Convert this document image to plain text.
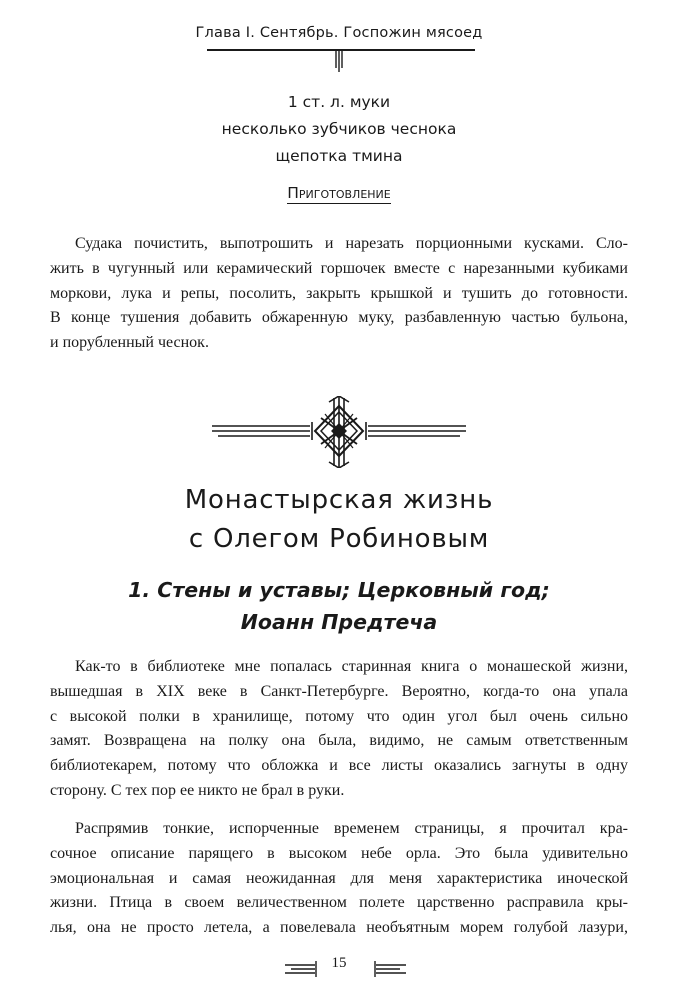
Глава I. Сентябрь. Госпожин мясоед
1 ст. л. муки
несколько зубчиков чеснока
щепотка тмина
Приготовление

Судака почистить, выпотрошить и нарезать порционными кусками. Сло-
жить в чугунный или керамический горшочек вместе с нарезанными кубиками
моркови, лука и репы, посолить, закрыть крышкой и тушить до готовности.
В конце тушения добавить обжаренную муку, разбавленную частью бульона,
и порубленный чеснок.

Монастырская жизнь
с Олегом Робиновым
1. Стены и уставы; Церковный год;
Иоанн Предтеча

Как-то в библиотеке мне попалась старинная книга о монашеской жизни,
вышедшая в XIX веке в Санкт-Петербурге. Вероятно, когда-то она упала
с высокой полки в хранилище, потому что один угол был очень сильно
замят. Возвращена на полку она была, видимо, не самым ответственным
библиотекарем, потому что обложка и все листы оказались загнуты в одну
сторону. С тех пор ее никто не брал в руки.

Распрямив тонкие, испорченные временем страницы, я прочитал кра-
сочное описание парящего в высоком небе орла. Это была удивительно
эмоциональная и самая неожиданная для меня характеристика иноческой
жизни. Птица в своем величественном полете царственно расправила кры-
лья, она не просто летела, а повелевала необъятным морем голубой лазури,

15
